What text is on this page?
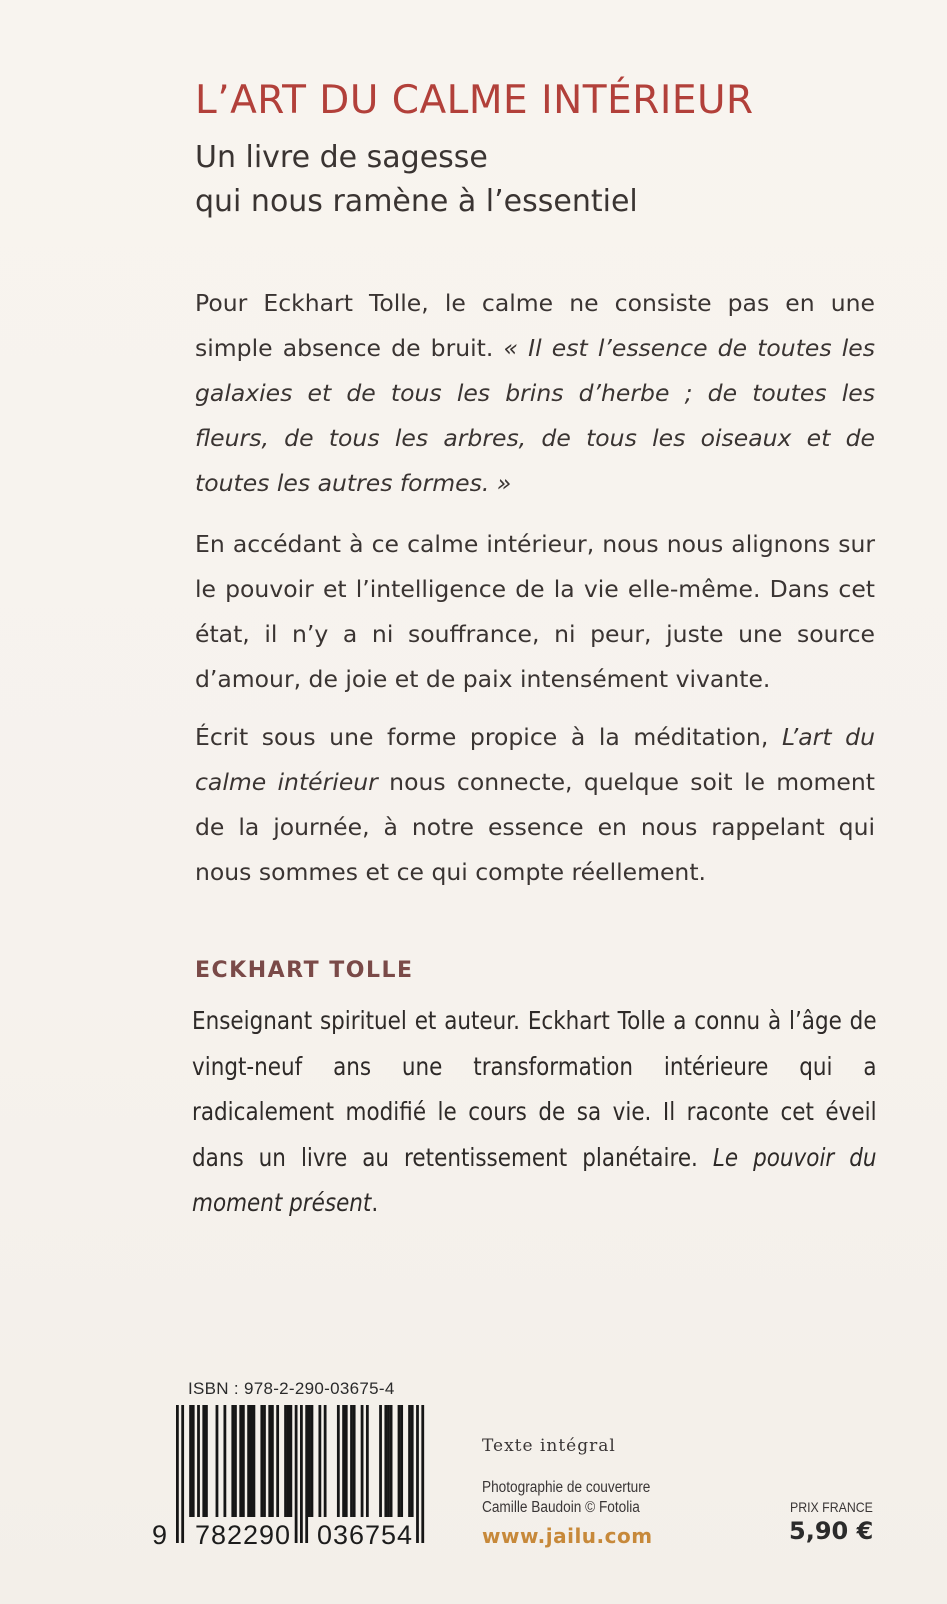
L’ART DU CALME INTÉRIEUR
Un livre de sagesse
qui nous ramène à l’essentiel

Pour Eckhart Tolle, le calme ne consiste pas en une simple absence de bruit. « Il est l’essence de toutes les galaxies et de tous les brins d’herbe ; de toutes les fleurs, de tous les arbres, de tous les oiseaux et de toutes les autres formes. »

En accédant à ce calme intérieur, nous nous alignons sur le pouvoir et l’intelligence de la vie elle-même. Dans cet état, il n’y a ni souffrance, ni peur, juste une source d’amour, de joie et de paix intensément vivante.

Écrit sous une forme propice à la méditation, L’art du calme intérieur nous connecte, quelque soit le moment de la journée, à notre essence en nous rappelant qui nous sommes et ce qui compte réellement.

ECKHART TOLLE

Enseignant spirituel et auteur. Eckhart Tolle a connu à l’âge de vingt-neuf ans une transformation intérieure qui a radicalement modifié le cours de sa vie. Il raconte cet éveil dans un livre au retentissement planétaire. Le pouvoir du moment présent.

ISBN : 978-2-290-03675-4
9 782290 036754
Texte intégral
Photographie de couverture
Camille Baudoin © Fotolia
www.jailu.com
PRIX FRANCE
5,90 €
